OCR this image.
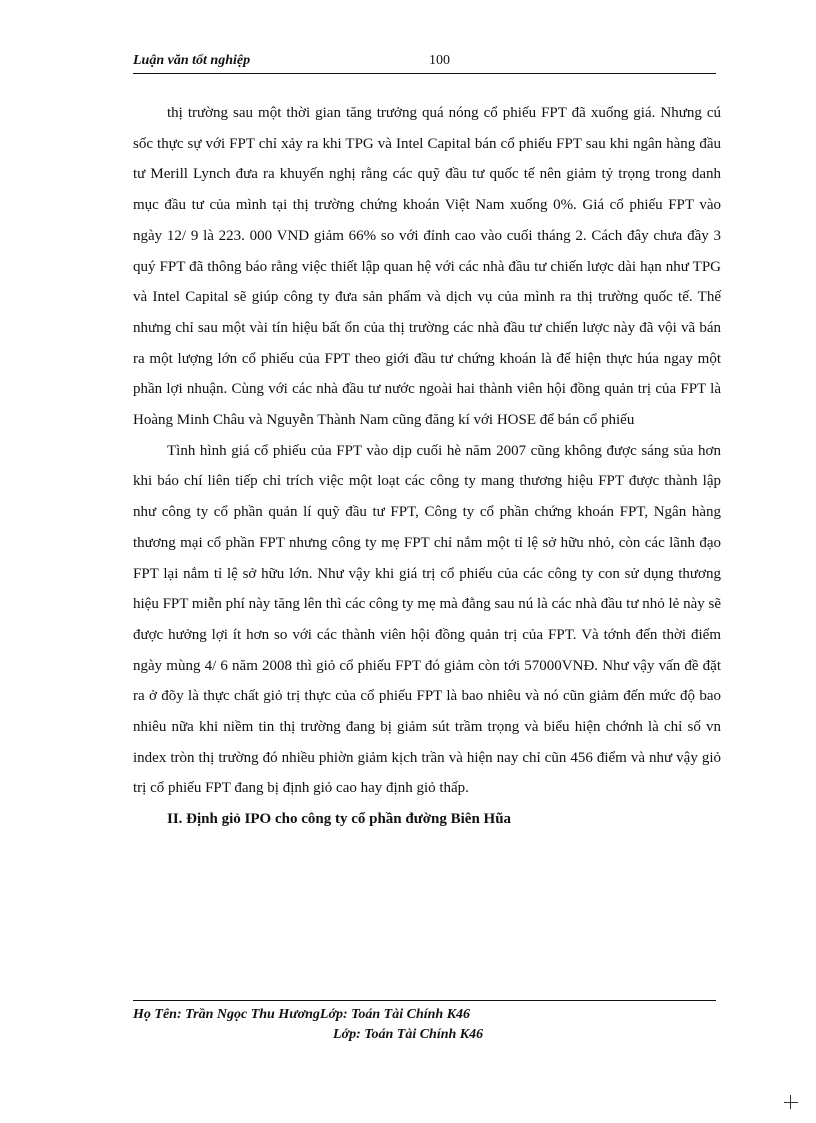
Luận văn tốt nghiệp	100

thị trường sau một thời gian tăng trưởng quá nóng cổ phiếu FPT đã xuống giá. Nhưng cú sốc thực sự với FPT chỉ xảy ra khi TPG và Intel Capital bán cổ phiếu FPT sau khi ngân hàng đầu tư Merill Lynch đưa ra khuyến nghị rằng các quỹ đầu tư quốc tế nên giảm tỷ trọng trong danh mục đầu tư của mình tại thị trường chứng khoán Việt Nam xuống 0%. Giá cổ phiếu FPT vào ngày 12/ 9 là 223. 000 VND giảm 66% so với đỉnh cao vào cuối tháng 2. Cách đây chưa đầy 3 quý FPT đã thông báo rằng việc thiết lập quan hệ với các nhà đầu tư chiến lược dài hạn như TPG và Intel Capital sẽ giúp công ty đưa sản phẩm và dịch vụ của mình ra thị trường quốc tế. Thế nhưng chỉ sau một vài tín hiệu bất ổn của thị trường các nhà đầu tư chiến lược này đã vội vã bán ra một lượng lớn cổ phiếu của FPT theo giới đầu tư chứng khoán là để hiện thực húa ngay một phần lợi nhuận. Cùng với các nhà đầu tư nước ngoài hai thành viên hội đồng quản trị của FPT là Hoàng Minh Châu và Nguyễn Thành Nam cũng đăng kí với HOSE để bán cổ phiếu

Tình hình giá cổ phiếu của FPT vào dịp cuối hè năm 2007 cũng không được sáng sủa hơn khi báo chí liên tiếp chỉ trích việc một loạt các công ty mang thương hiệu FPT được thành lập như công ty cổ phần quản lí quỹ đầu tư FPT, Công ty cổ phần chứng khoán FPT, Ngân hàng thương mại cổ phần FPT nhưng công ty mẹ FPT chỉ nắm một tỉ lệ sở hữu nhỏ, còn các lãnh đạo FPT lại nắm tỉ lệ sở hữu lớn. Như vậy khi giá trị cổ phiếu của các công ty con sử dụng thương hiệu FPT miễn phí này tăng lên thì các công ty mẹ mà đằng sau nú là các nhà đầu tư nhỏ lẻ này sẽ được hưởng lợi ít hơn so với các thành viên hội đồng quản trị của FPT. Và tớnh đến thời điểm ngày mùng 4/ 6 năm 2008 thì giỏ cổ phiếu FPT đó giảm còn tới 57000VNĐ. Như vậy vấn đề đặt ra ở đõy là thực chất giỏ trị thực của cổ phiếu FPT là bao nhiêu và nó cũn giảm đến mức độ bao nhiêu nữa khi niềm tin thị trường đang bị giảm sút trầm trọng và biểu hiện chớnh là chỉ số vn index tròn thị trường đó nhiều phiờn giảm kịch trần và hiện nay chỉ cũn 456 điểm và như vậy giỏ trị cổ phiếu FPT đang bị định giỏ cao hay định giỏ thấp.

II. Định giỏ IPO cho công ty cổ phần đường Biên Hũa

Họ Tên: Trần Ngọc Thu HươngLớp: Toán Tài Chính K46
Lớp: Toán Tài Chính K46
